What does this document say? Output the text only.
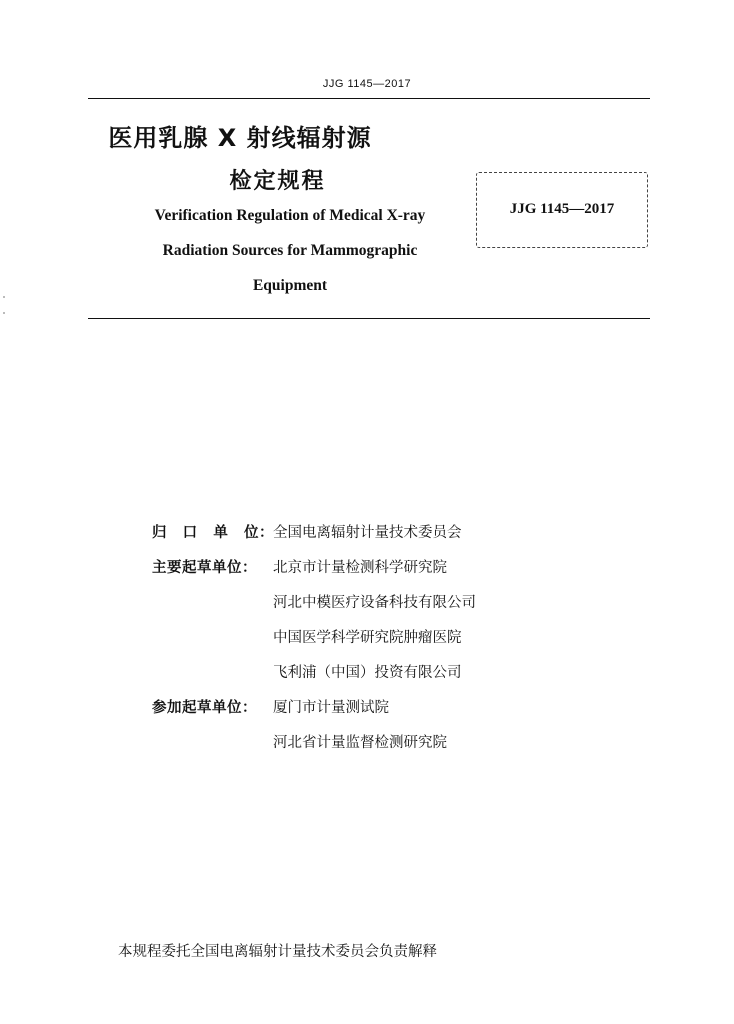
JJG 1145—2017
医用乳腺 X 射线辐射源
检定规程
Verification Regulation of Medical X-ray
Radiation Sources for Mammographic
Equipment
JJG 1145—2017
归 口 单 位 ： 全国电离辐射计量技术委员会
主要起草单位：	北京市计量检测科学研究院
河北中模医疗设备科技有限公司
中国医学科学研究院肿瘤医院
飞利浦（中国）投资有限公司
参加起草单位：	厦门市计量测试院
河北省计量监督检测研究院
本规程委托全国电离辐射计量技术委员会负责解释
